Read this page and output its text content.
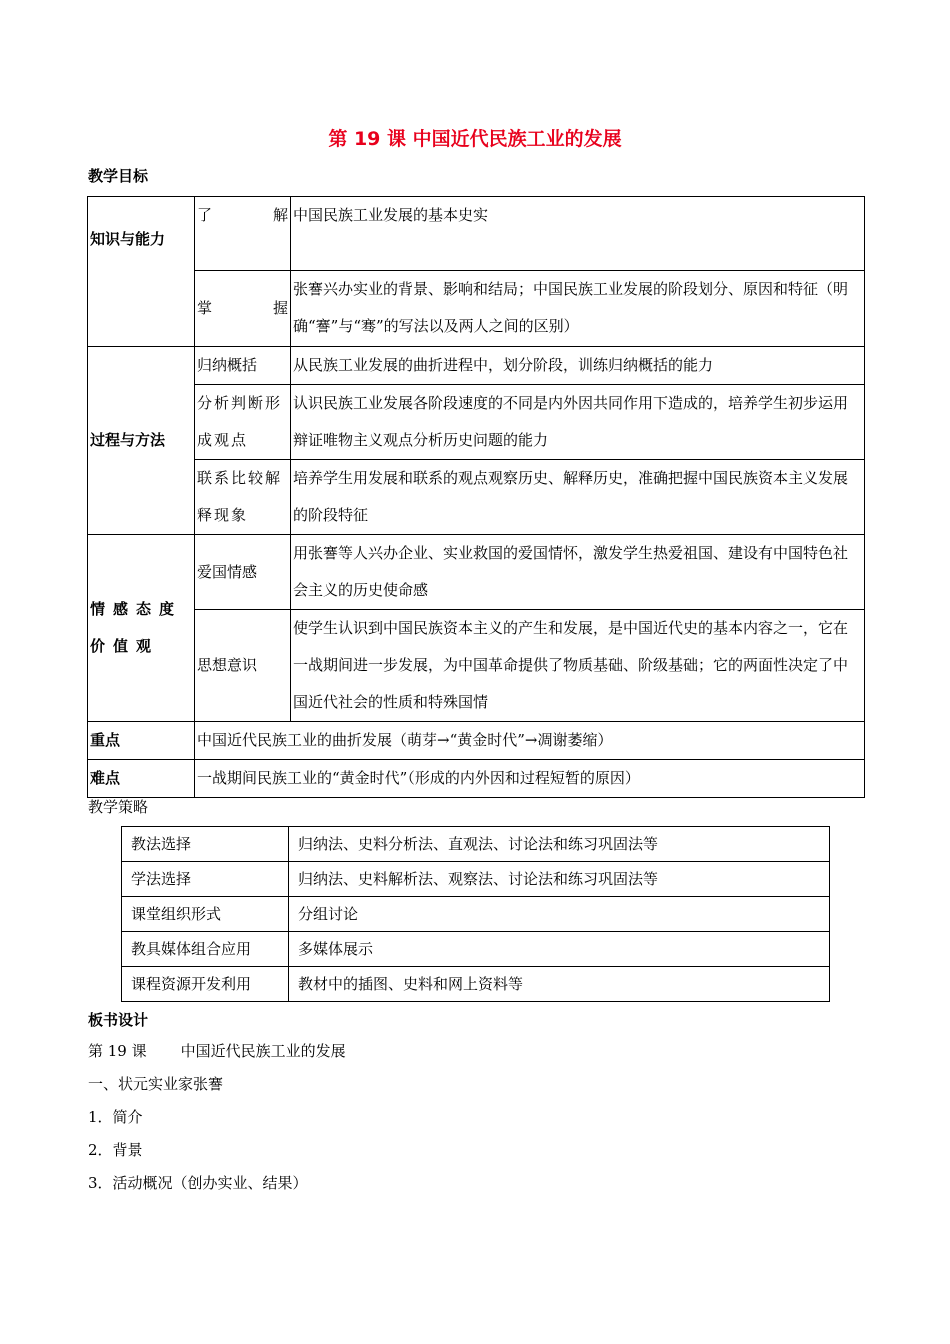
第 19 课 中国近代民族工业的发展
教学目标
知识与能力	了解	中国民族工业发展的基本史实

	掌握	张謇兴办实业的背景、影响和结局；中国民族工业发展的阶段划分、原因和特征（明确“謇”与“骞”的写法以及两人之间的区别）
过程与方法	归纳概括	从民族工业发展的曲折进程中，划分阶段，训练归纳概括的能力
	分析判断形成观点	认识民族工业发展各阶段速度的不同是内外因共同作用下造成的，培养学生初步运用辩证唯物主义观点分析历史问题的能力
	联系比较解释现象	培养学生用发展和联系的观点观察历史、解释历史，准确把握中国民族资本主义发展的阶段特征
情感态度价值观	爱国情感	用张謇等人兴办企业、实业救国的爱国情怀，激发学生热爱祖国、建设有中国特色社会主义的历史使命感
	思想意识	使学生认识到中国民族资本主义的产生和发展，是中国近代史的基本内容之一，它在一战期间进一步发展，为中国革命提供了物质基础、阶级基础；它的两面性决定了中国近代社会的性质和特殊国情
重点	中国近代民族工业的曲折发展（萌芽→“黄金时代”→凋谢萎缩）	
难点	一战期间民族工业的“黄金时代”（形成的内外因和过程短暂的原因）	
教学策略
教法选择	归纳法、史料分析法、直观法、讨论法和练习巩固法等
学法选择	归纳法、史料解析法、观察法、讨论法和练习巩固法等
课堂组织形式	分组讨论
教具媒体组合应用	多媒体展示
课程资源开发利用	教材中的插图、史料和网上资料等
板书设计
第 19 课 中国近代民族工业的发展
一、状元实业家张謇
1．简介
2．背景
3．活动概况（创办实业、结果）
